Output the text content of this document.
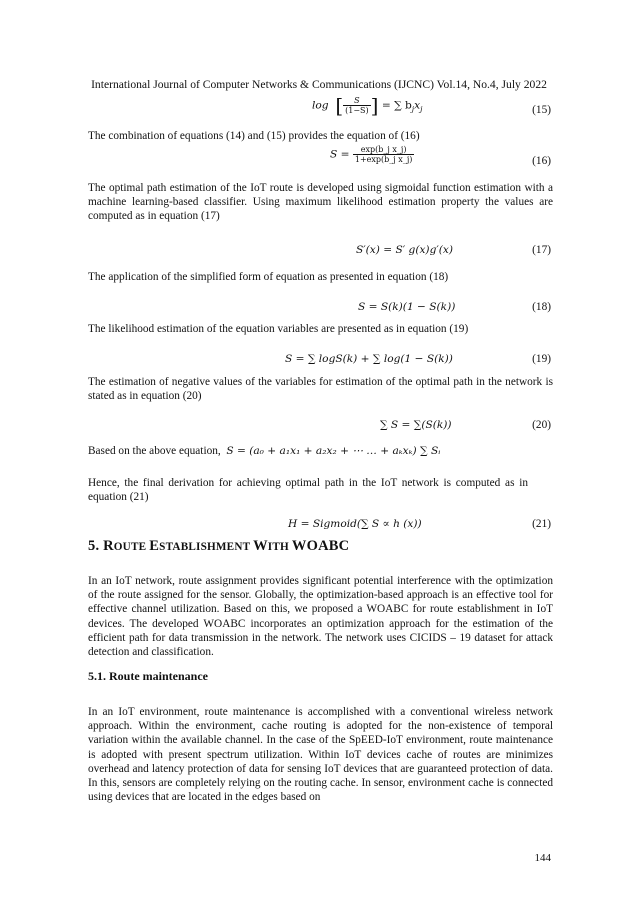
International Journal of Computer Networks & Communications (IJCNC) Vol.14, No.4, July 2022
log [ $\frac{S}{(1-S)}$ ] = ∑ $b_jx_j$	(15)

The combination of equations (14) and (15) provides the equation of (16)

$S = \frac{\text{exp(b\_j x\_j)}}{\text{1+exp(b\_j x\_j)}}$	(16)

The optimal path estimation of the IoT route is developed using sigmoidal function estimation with a machine learning-based classifier. Using maximum likelihood estimation property the values are computed as in equation (17)

S′(x) = S′ g(x)g′(x)	(17)

The application of the simplified form of equation as presented in equation (18)

S = S(k)(1 − S(k))	(18)

The likelihood estimation of the equation variables are presented as in equation (19)

S = ∑ logS(k) + ∑ log(1 − S(k))	(19)

The estimation of negative values of the variables for estimation of the optimal path in the network is stated as in equation (20)

∑ S = ∑(S(k))	(20)
Based on the above equation, S = (a₀ + a₁x₁ + a₂x₂ + ⋯ … + aₖxₖ) ∑ Sᵢ

Hence, the final derivation for achieving optimal path in the IoT network is computed as in equation (21)

H = Sigmoid(∑ S ∝ h (x))	(21)
5. ROUTE ESTABLISHMENT WITH WOABC

In an IoT network, route assignment provides significant potential interference with the optimization of the route assigned for the sensor. Globally, the optimization-based approach is an effective tool for effective channel utilization. Based on this, we proposed a WOABC for route establishment in IoT devices. The developed WOABC incorporates an optimization approach for the estimation of the efficient path for data transmission in the network. The network uses CICIDS – 19 dataset for attack detection and classification.

5.1. Route maintenance

In an IoT environment, route maintenance is accomplished with a conventional wireless network approach. Within the environment, cache routing is adopted for the non-existence of temporal variation within the available channel. In the case of the SpEED-IoT environment, route maintenance is adopted with present spectrum utilization. Within IoT devices cache of routes are minimizes overhead and latency protection of data for sensing IoT devices that are guaranteed protection of data. In this, sensors are completely relying on the routing cache. In sensor, environment cache is connected using devices that are located in the edges based on

144
